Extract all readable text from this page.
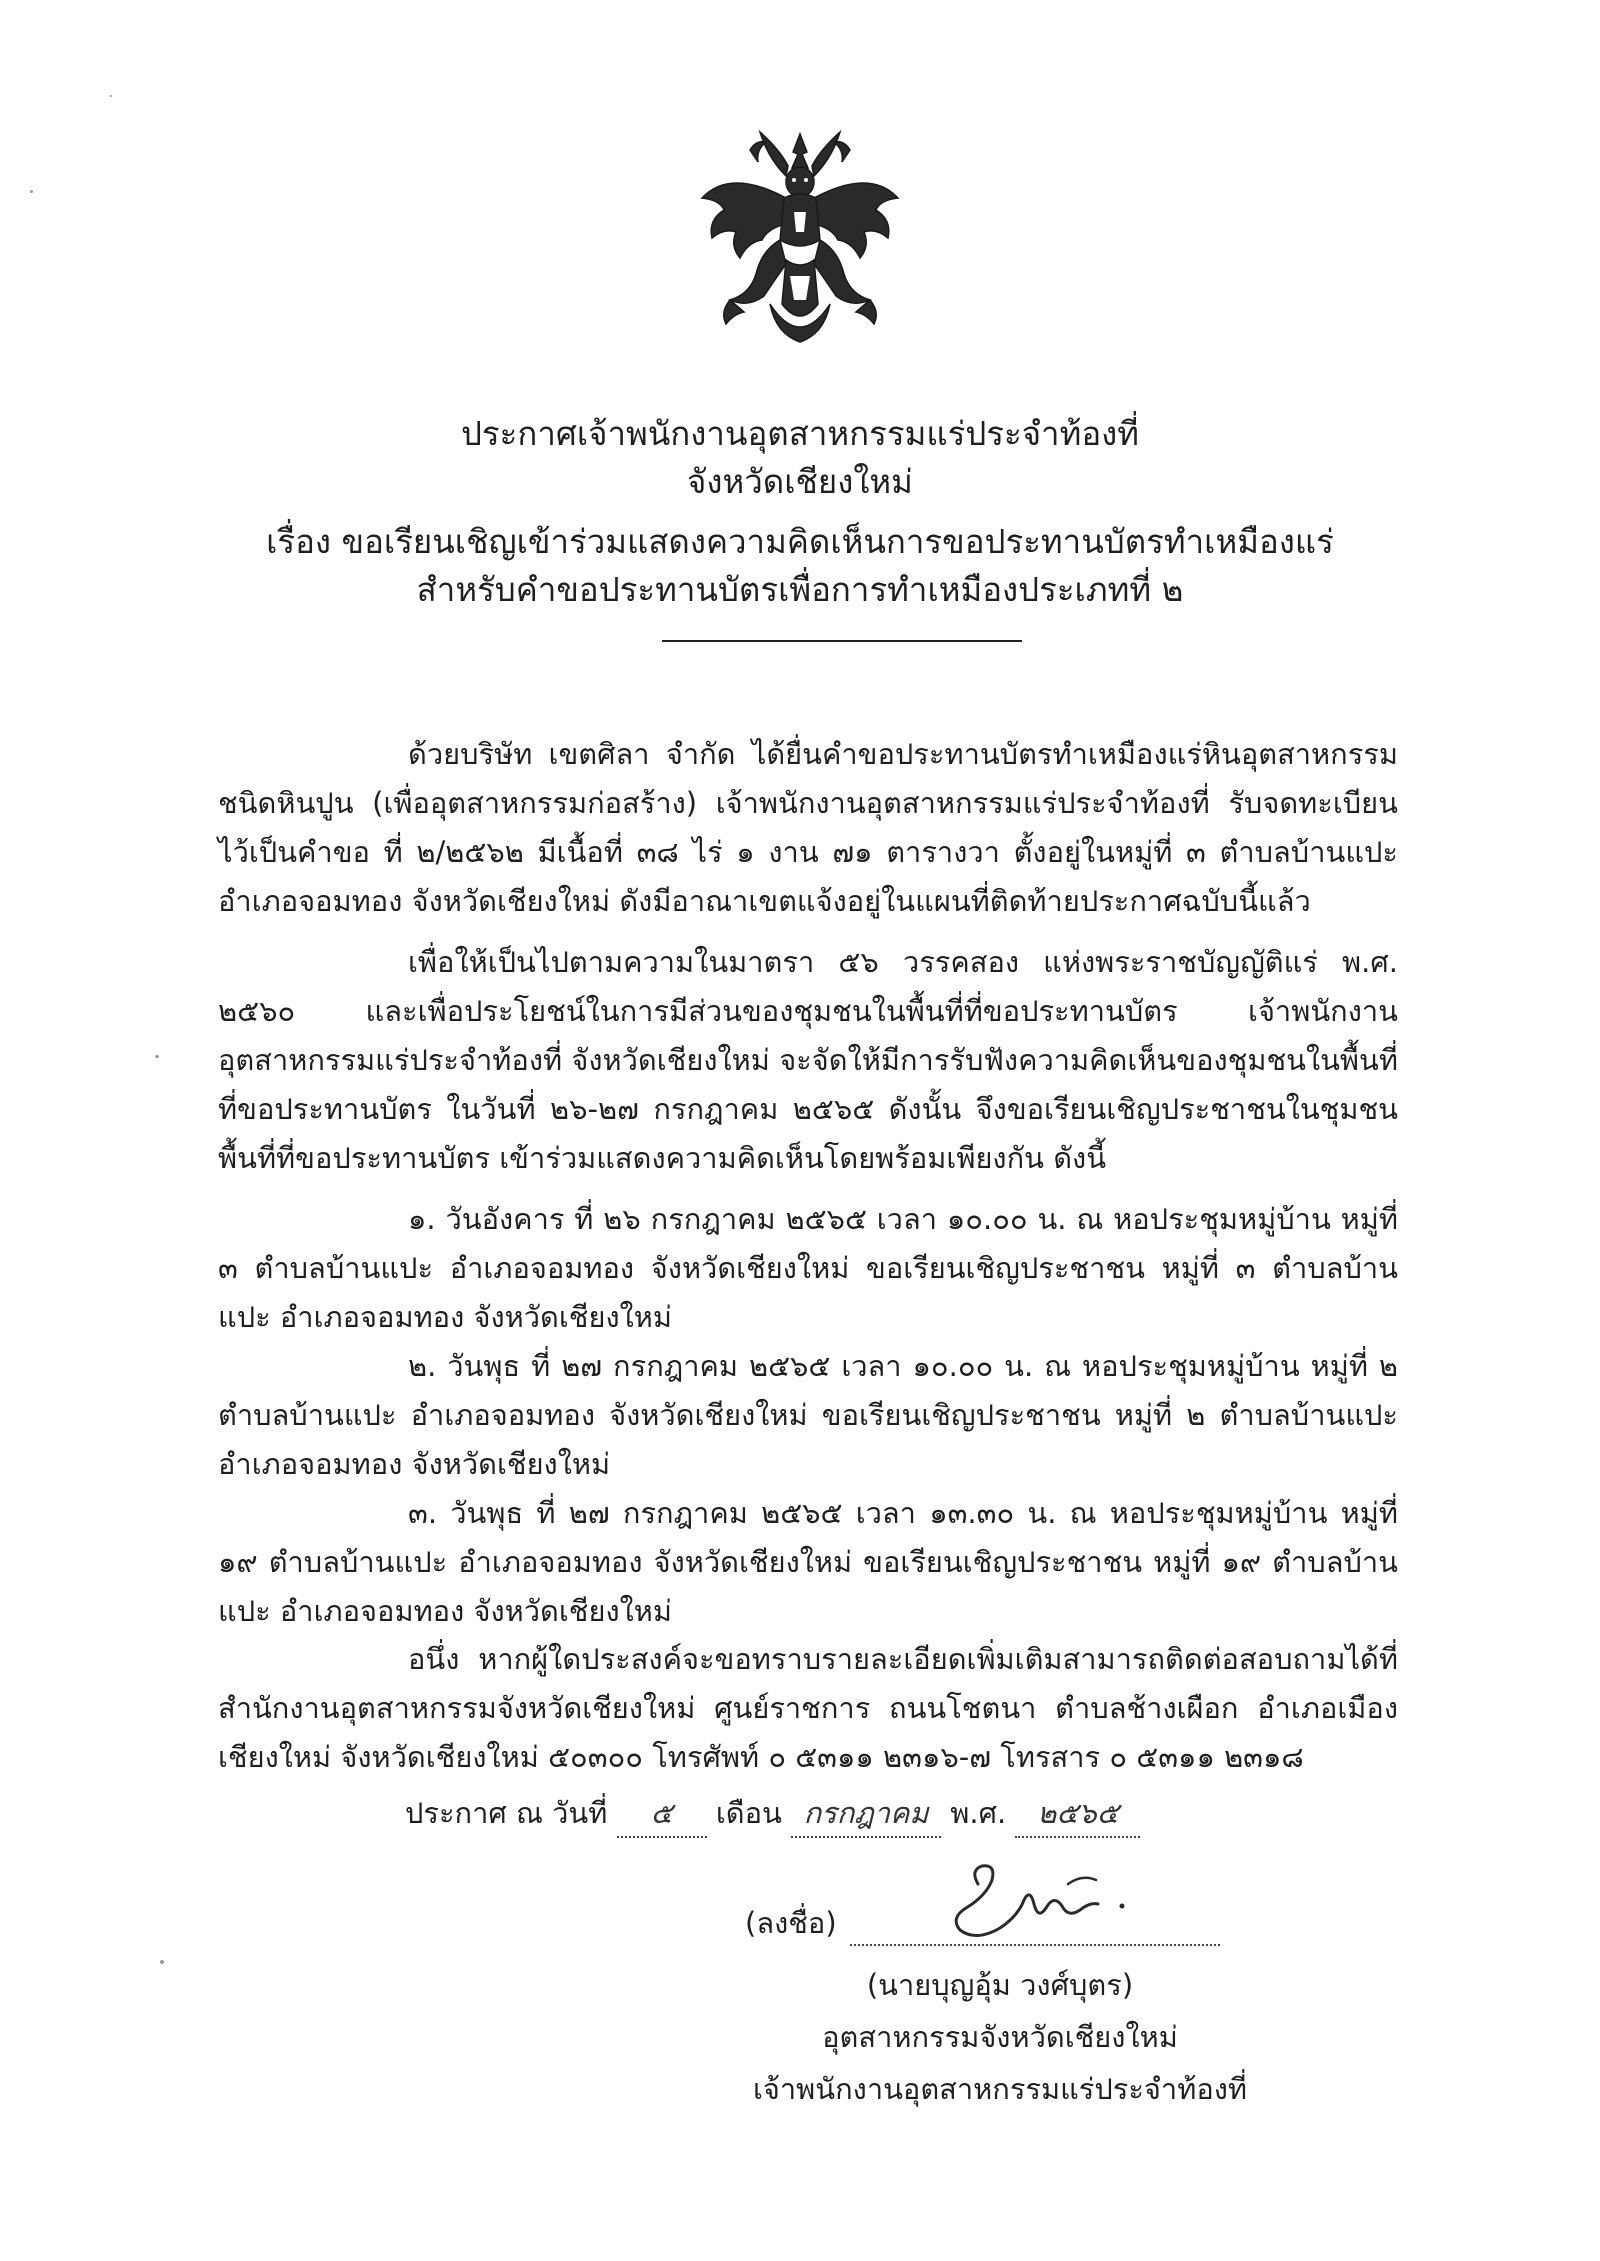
ประกาศเจ้าพนักงานอุตสาหกรรมแร่ประจำท้องที่
จังหวัดเชียงใหม่
เรื่อง ขอเรียนเชิญเข้าร่วมแสดงความคิดเห็นการขอประทานบัตรทำเหมืองแร่
สำหรับคำขอประทานบัตรเพื่อการทำเหมืองประเภทที่ ๒

ด้วยบริษัท เขตศิลา จำกัด ได้ยื่นคำขอประทานบัตรทำเหมืองแร่หินอุตสาหกรรมชนิดหินปูน (เพื่ออุตสาหกรรมก่อสร้าง) เจ้าพนักงานอุตสาหกรรมแร่ประจำท้องที่ รับจดทะเบียนไว้เป็นคำขอ ที่ ๒/๒๕๖๒ มีเนื้อที่ ๓๘ ไร่ ๑ งาน ๗๑ ตารางวา ตั้งอยู่ในหมู่ที่ ๓ ตำบลบ้านแปะ อำเภอจอมทอง จังหวัดเชียงใหม่ ดังมีอาณาเขตแจ้งอยู่ในแผนที่ติดท้ายประกาศฉบับนี้แล้ว

เพื่อให้เป็นไปตามความในมาตรา ๕๖ วรรคสอง แห่งพระราชบัญญัติแร่ พ.ศ. ๒๕๖๐ และเพื่อประโยชน์ในการมีส่วนของชุมชนในพื้นที่ที่ขอประทานบัตร เจ้าพนักงานอุตสาหกรรมแร่ประจำท้องที่ จังหวัดเชียงใหม่ จะจัดให้มีการรับฟังความคิดเห็นของชุมชนในพื้นที่ที่ขอประทานบัตร ในวันที่ ๒๖-๒๗ กรกฎาคม ๒๕๖๕ ดังนั้น จึงขอเรียนเชิญประชาชนในชุมชนพื้นที่ที่ขอประทานบัตร เข้าร่วมแสดงความคิดเห็นโดยพร้อมเพียงกัน ดังนี้

๑. วันอังคาร ที่ ๒๖ กรกฎาคม ๒๕๖๕ เวลา ๑๐.๐๐ น. ณ หอประชุมหมู่บ้าน หมู่ที่ ๓ ตำบลบ้านแปะ อำเภอจอมทอง จังหวัดเชียงใหม่ ขอเรียนเชิญประชาชน หมู่ที่ ๓ ตำบลบ้านแปะ อำเภอจอมทอง จังหวัดเชียงใหม่

๒. วันพุธ ที่ ๒๗ กรกฎาคม ๒๕๖๕ เวลา ๑๐.๐๐ น. ณ หอประชุมหมู่บ้าน หมู่ที่ ๒ ตำบลบ้านแปะ อำเภอจอมทอง จังหวัดเชียงใหม่ ขอเรียนเชิญประชาชน หมู่ที่ ๒ ตำบลบ้านแปะ อำเภอจอมทอง จังหวัดเชียงใหม่

๓. วันพุธ ที่ ๒๗ กรกฎาคม ๒๕๖๕ เวลา ๑๓.๓๐ น. ณ หอประชุมหมู่บ้าน หมู่ที่ ๑๙ ตำบลบ้านแปะ อำเภอจอมทอง จังหวัดเชียงใหม่ ขอเรียนเชิญประชาชน หมู่ที่ ๑๙ ตำบลบ้านแปะ อำเภอจอมทอง จังหวัดเชียงใหม่

อนึ่ง หากผู้ใดประสงค์จะขอทราบรายละเอียดเพิ่มเติมสามารถติดต่อสอบถามได้ที่ สำนักงานอุตสาหกรรมจังหวัดเชียงใหม่ ศูนย์ราชการ ถนนโชตนา ตำบลช้างเผือก อำเภอเมืองเชียงใหม่ จังหวัดเชียงใหม่ ๕๐๓๐๐ โทรศัพท์ ๐ ๕๓๑๑ ๒๓๑๖-๗ โทรสาร ๐ ๕๓๑๑ ๒๓๑๘

ประกาศ ณ วันที่ ๕ เดือน กรกฎาคม พ.ศ. ๒๕๖๕
(ลงชื่อ)
(นายบุญอุ้ม วงศ์บุตร)
อุตสาหกรรมจังหวัดเชียงใหม่
เจ้าพนักงานอุตสาหกรรมแร่ประจำท้องที่
